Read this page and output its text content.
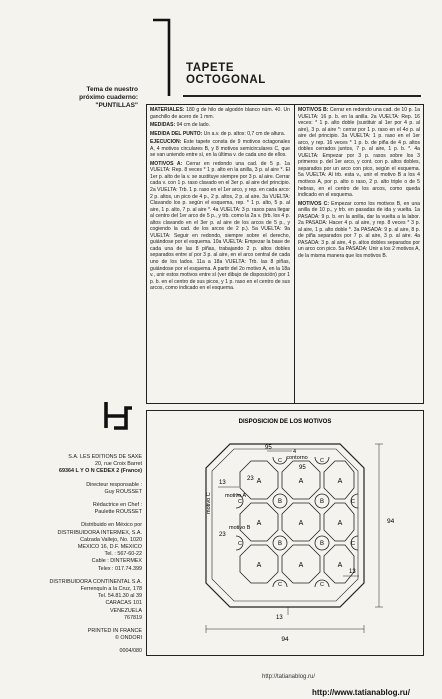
Tema de nuestro
próximo cuaderno:
"PUNTILLAS"
TAPETE
OCTOGONAL

MATERIALES: 180 g de hilo de algodón blanco núm. 40. Un ganchillo de acero de 1 mm.

MEDIDAS: 94 cm de lado.

MEDIDA DEL PUNTO: Un a.v. de p. altos: 0,7 cm de altura.

EJECUCION: Este tapete consta de 9 motivos octagonales A, 4 motivos circulares B, y 8 motivos semicirculares C, que se van uniendo entre sí, en la última v. de cada uno de ellos.

MOTIVOS A: Cerrar en redondo una cad. de 5 p. 1a VUELTA: Rep. 8 veces * 1 p. alto en la anilla, 3 p. al aire *. El 1er p. alto de la v. se sustituye siempre por 3 p. al aire. Cerrar cada v. con 1 p. raso clavado en el 3er p. al aire del principio. 2a VUELTA: Trb. 1 p. raso en el 1er arco, y rep. en cada arco: 2 p. altos, un pico de 4 p., 2 p. altos, 2 p. al aire. 3a VUELTA: Clavando los p. según el esquema, rep. * 1 p. alto, 5 p. al aire, 1 p. alto, 7 p. al aire *. 4a VUELTA: 3 p. rasos para llegar al centro del 1er arco de 5 p., y trb. como la 2a v. (trb. los 4 p. altos clavando en el 3er p. al aire de los arcos de 5 p., y cogiendo la cad. de los arcos de 2 p.). 5a VUELTA: 9a VUELTA: Seguir en redondo, siempre sobre el derecho, guiándose por el esquema. 10a VUELTA: Empezar la base de cada una de las 8 piñas, trabajando 2 p. altos dobles separados entre sí por 3 p. al aire, en el arco central de cada uno de los lados. 11a a 18a VUELTA: Trb. las 8 piñas, guiándose por el esquema. A partir del 2o motivo A, en la 18a v., unir estos motivos entre sí (ver dibujo de disposición) por 1 p. b. en el centro de sus picos, y 1 p. raso en el centro de sus arcos, como indicado en el esquema.

MOTIVOS B: Cerrar en redondo una cad. de 10 p. 1a VUELTA: 16 p. b. en la anilla. 2a VUELTA: Rep. 16 veces: * 1 p. alto doble (sustituir al 1er por 4 p. al aire), 3 p. al aire *: cerrar por 1 p. raso en el 4o p. al aire del principio. 3a VUELTA: 1 p. raso en el 1er arco, y rep. 16 veces * 1 p. b. de piña de 4 p. altos dobles cerrados juntos, 7 p. al aire, 1 p. b. *. 4a VUELTA: Empezar por 3 p. rasos sobre los 3 primeros p. del 1er arco, y cont. con p. altos dobles, separados por un arco con pico, según el esquema. 5a VUELTA: Al trb. esta v., unir el motivo B a los 4 motivos A, por p. alto o raso, 2 p. alto triple o de 5 hebras, en el centro de los arcos, como queda indicado en el esquema.

MOTIVOS C: Empezar como los motivos B, en una anilla de 10 p., y trb. en pasadas de ida y vuelta. 1a PASADA: 9 p. b. en la anilla, dar la vuelta a la labor. 2a PASADA: Hacer 4 p. al aire, y rep. 8 veces * 3 p. al aire, 1 p. alto doble *. 3a PASADA: 9 p. al aire, 8 p. de piña separados por 7 p. al aire, 3 p. al aire. 4a PASADA: 3 p. al aire, 4 p. altos dobles separados por un arco con pico. 5a PASADA: Unir a los 2 motivos A, de la misma manera que los motivos B.

S.A. LES EDITIONS DE SAXE
20, rue Croix Barret
69364 L Y O N CEDEX 2 (France)
Directeur responsable :
Guy ROUSSET
Rédactrice en Chef :
Paulette ROUSSET
Distribuido en México por
DISTRIBUIDORA INTERMEX, S.A.
Calzada Vallejo, No. 1020
MEXICO 16, D.F. MEXICO
Tel. : 567-60-22
Cable : DINTERMEX
Telex : 017.74.399
DISTRIBUIDORA CONTINENTAL S.A.
Ferrenquín a la Cruz, 178
Tel. 54.81.30 al 39
CARACAS 101
VENEZUELA
767819
PRINTED IN FRANCE
© ONDORI
0004/080
DISPOSICION DE LOS MOTIVOS
contorno
A	A	A
A	A	A
A	A	A
B	B
B	B
C	C
C
C
C
C
C	C
motivo A
motivo B
motivo C
94
94
95
95
23
23
13
13
13
4
http://tatianablog.ru/
http://www.tatianablog.ru/
